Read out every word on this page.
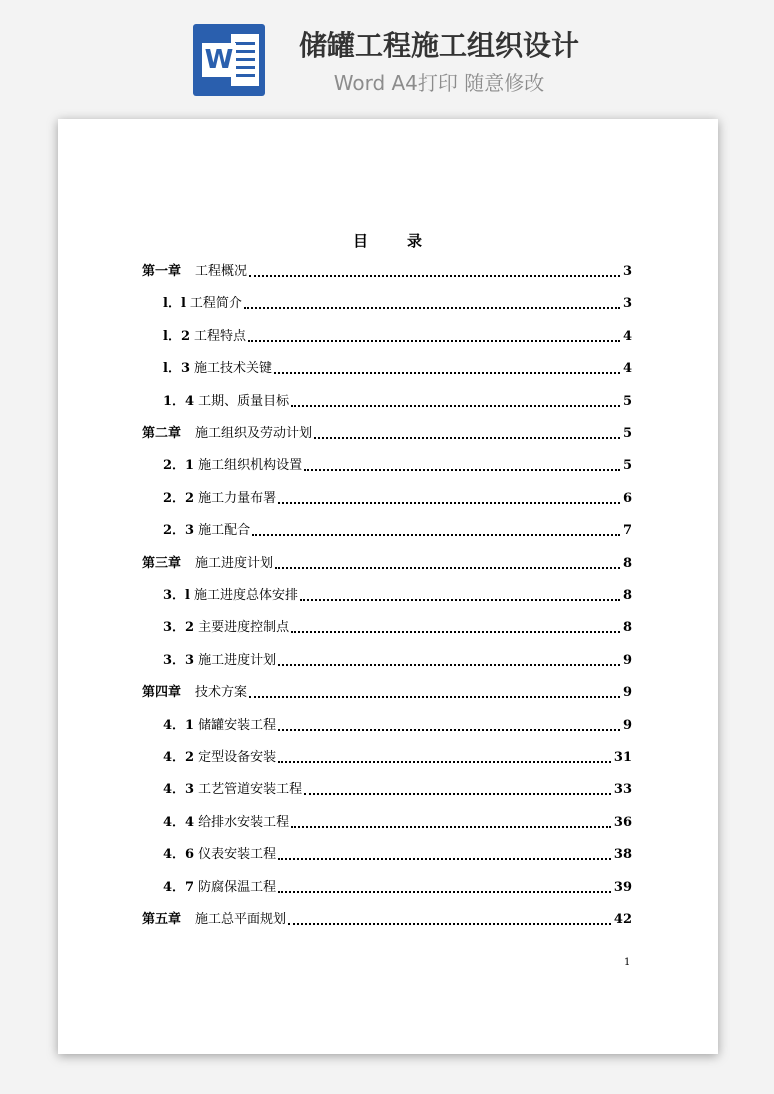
W	储罐工程施工组织设计
Word A4打印 随意修改
目	录
第一章 工程概况	3
l．l 工程简介	3
l．2 工程特点	4
l．3 施工技术关键	4
1．4 工期、质量目标	5
第二章 施工组织及劳动计划	5
2．1 施工组织机构设置	5
2．2 施工力量布署	6
2．3 施工配合	7
第三章 施工进度计划	8
3．l 施工进度总体安排	8
3．2 主要进度控制点	8
3．3 施工进度计划	9
第四章 技术方案	9
4．1 储罐安装工程	9
4．2 定型设备安装	31
4．3 工艺管道安装工程	33
4．4 给排水安装工程	36
4．6 仪表安装工程	38
4．7 防腐保温工程	39
第五章 施工总平面规划	42
1
